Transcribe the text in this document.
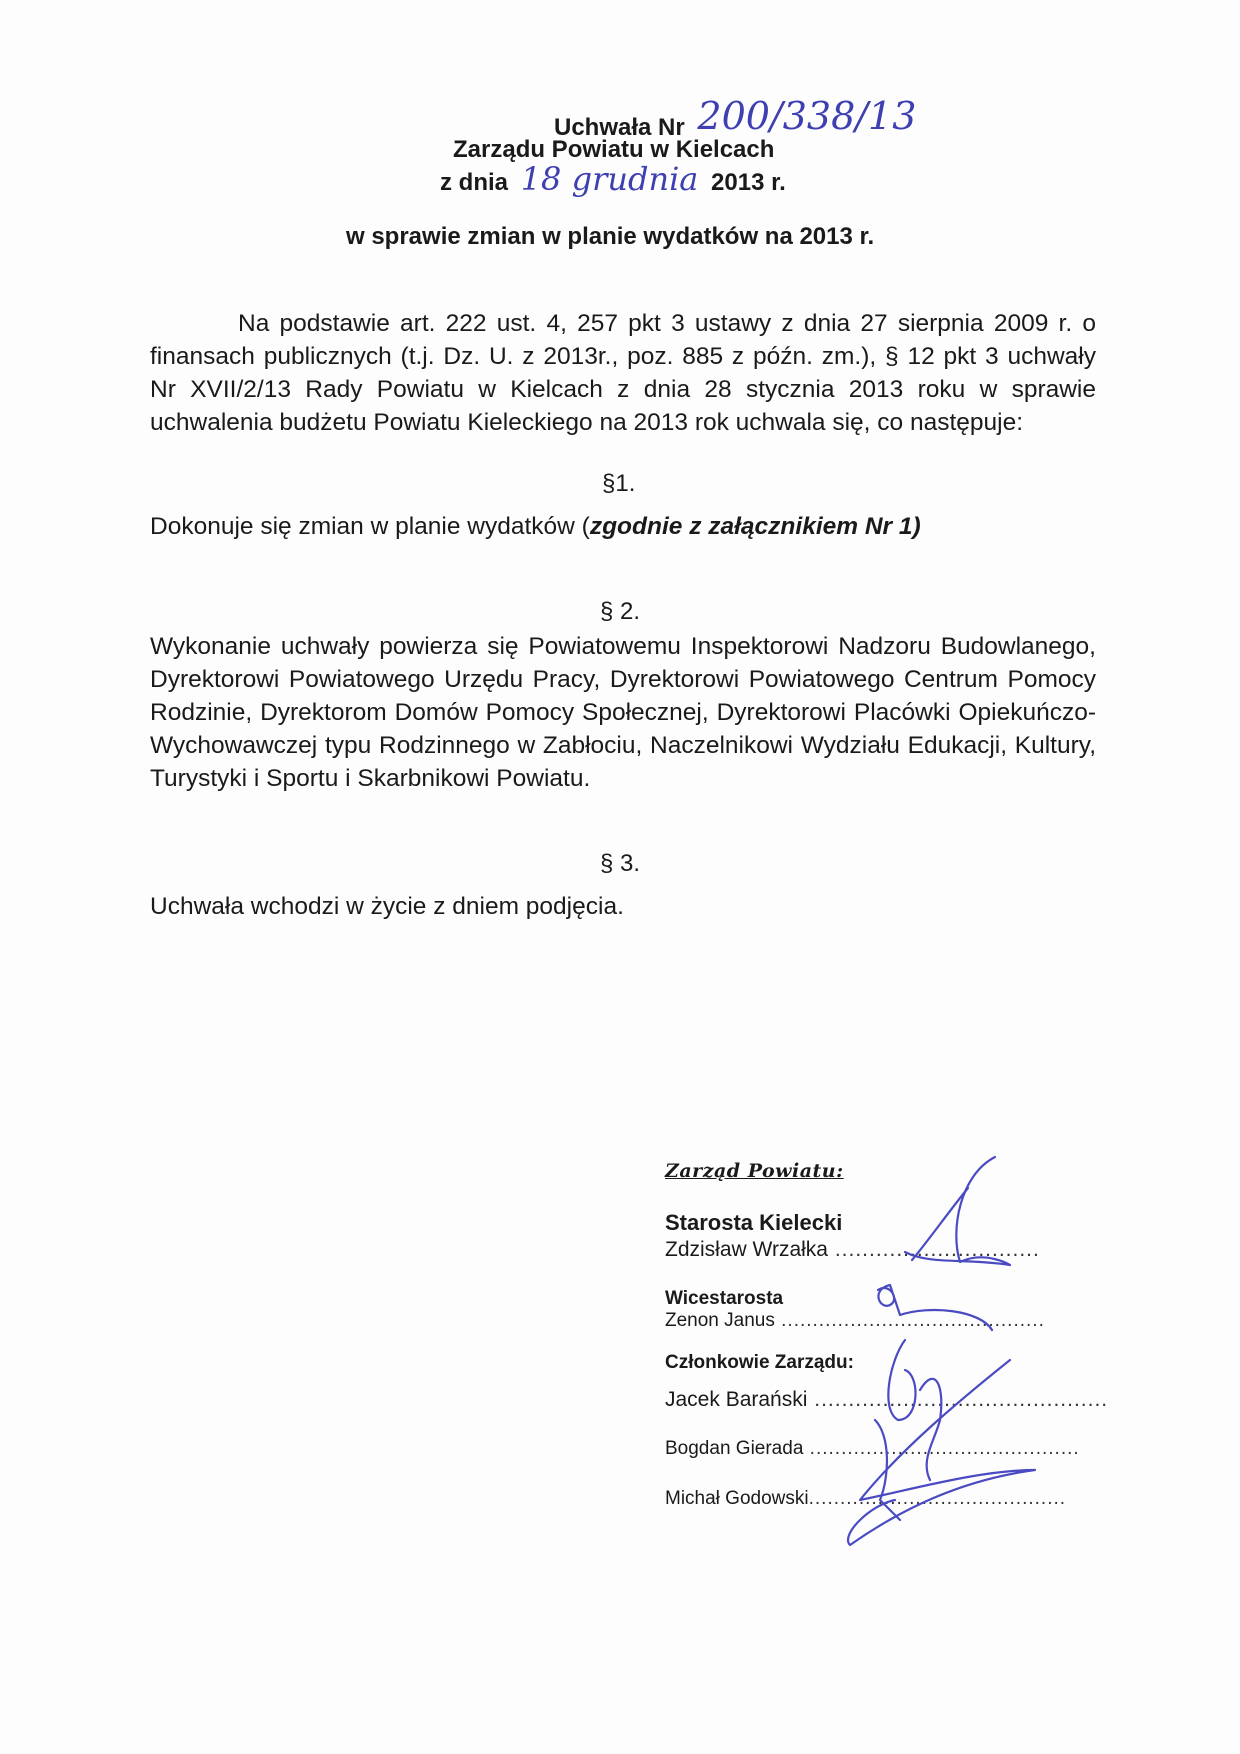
Uchwała Nr 200/338/13
Zarządu Powiatu w Kielcach
z dnia 18 grudnia 2013 r.
w sprawie zmian w planie wydatków na 2013 r.
Na podstawie art. 222 ust. 4, 257 pkt 3 ustawy z dnia 27 sierpnia 2009 r. o finansach publicznych (t.j. Dz. U. z 2013r., poz. 885 z późn. zm.), § 12 pkt 3 uchwały Nr XVII/2/13 Rady Powiatu w Kielcach z dnia 28 stycznia 2013 roku w sprawie uchwalenia budżetu Powiatu Kieleckiego na 2013 rok uchwala się, co następuje:
§1.
Dokonuje się zmian w planie wydatków (zgodnie z załącznikiem Nr 1)
§ 2.
Wykonanie uchwały powierza się Powiatowemu Inspektorowi Nadzoru Budowlanego, Dyrektorowi Powiatowego Urzędu Pracy, Dyrektorowi Powiatowego Centrum Pomocy Rodzinie, Dyrektorom Domów Pomocy Społecznej, Dyrektorowi Placówki Opiekuńczo-Wychowawczej typu Rodzinnego w Zabłociu, Naczelnikowi Wydziału Edukacji, Kultury, Turystyki i Sportu i Skarbnikowi Powiatu.
§ 3.
Uchwała wchodzi w życie z dniem podjęcia.
Zarząd Powiatu:
Starosta Kielecki
Zdzisław Wrzałka ..............................
Wicestarosta
Zenon Janus ..........................................
Członkowie Zarządu:
Jacek Barański ...........................................
Bogdan Gierada ...........................................
Michał Godowski.........................................
